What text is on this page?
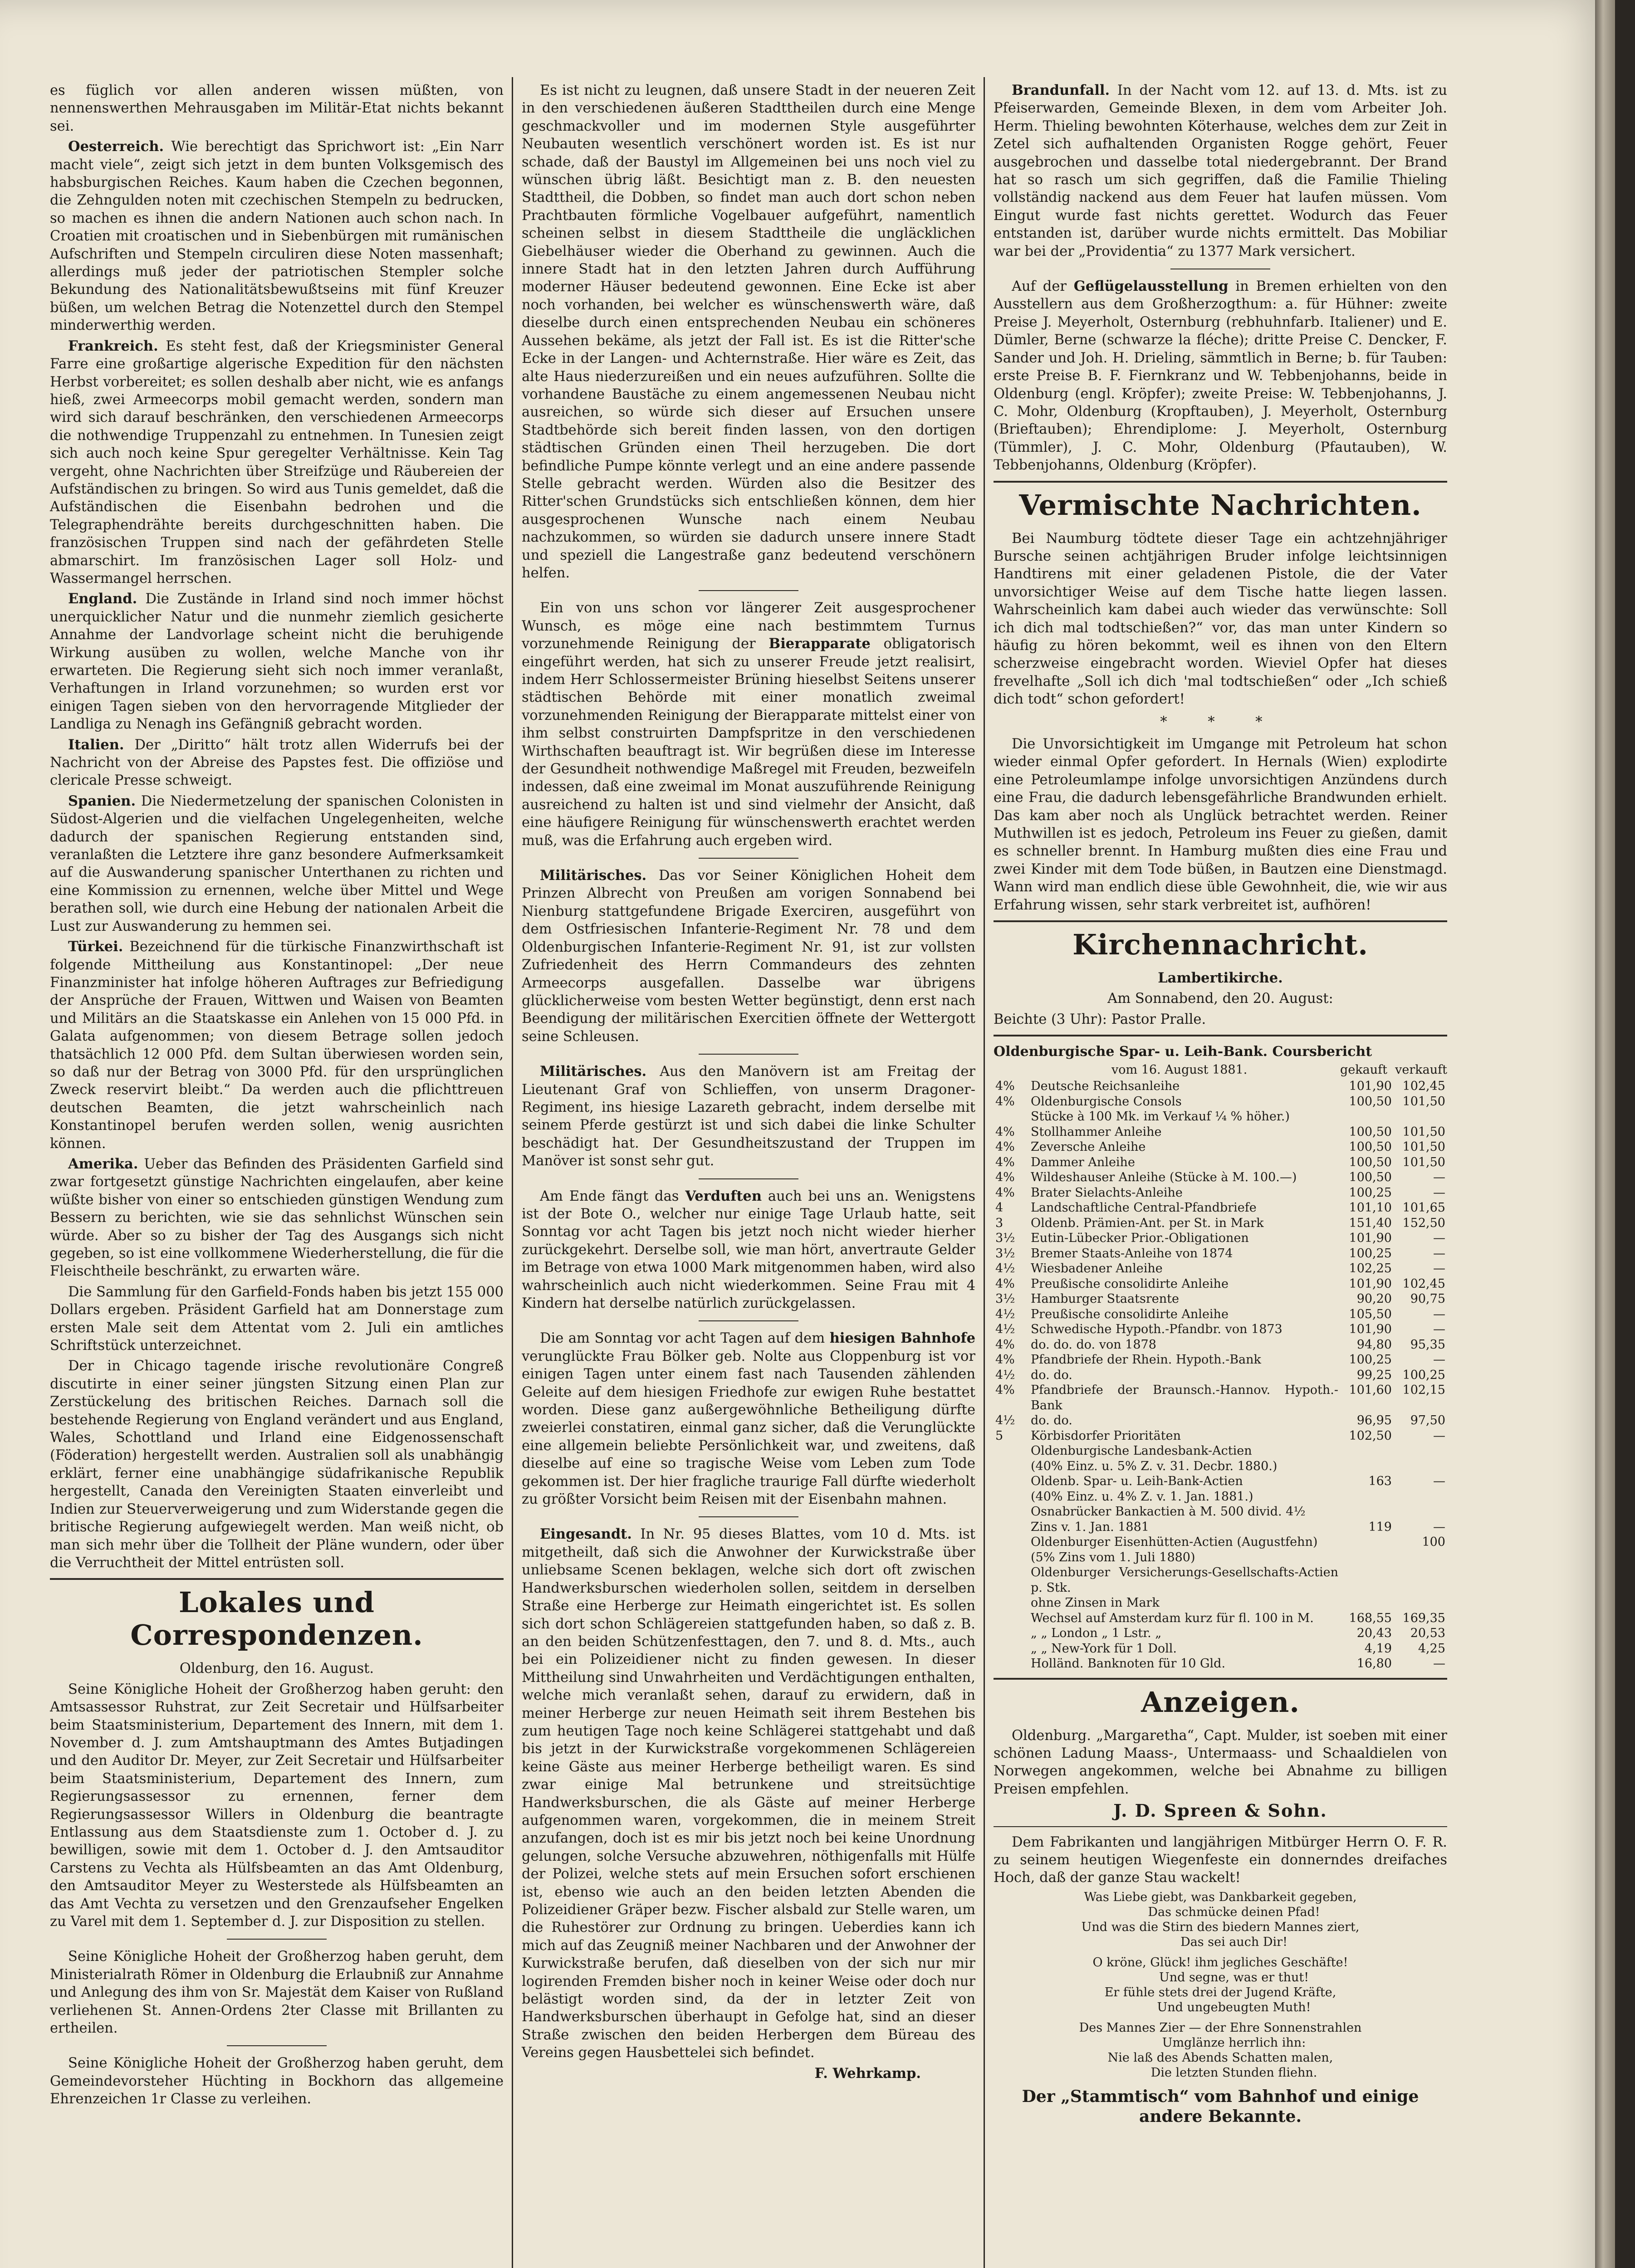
es füglich vor allen anderen wissen müßten, von nennenswerthen Mehrausgaben im Militär-Etat nichts bekannt sei.

Oesterreich. Wie berechtigt das Sprichwort ist: „Ein Narr macht viele“, zeigt sich jetzt in dem bunten Volksgemisch des habsburgischen Reiches. Kaum haben die Czechen begonnen, die Zehngulden noten mit czechischen Stempeln zu bedrucken, so machen es ihnen die andern Nationen auch schon nach. In Croatien mit croatischen und in Siebenbürgen mit rumänischen Aufschriften und Stempeln circuliren diese Noten massenhaft; allerdings muß jeder der patriotischen Stempler solche Bekundung des Nationalitätsbewußtseins mit fünf Kreuzer büßen, um welchen Betrag die Notenzettel durch den Stempel minderwerthig werden.

Frankreich. Es steht fest, daß der Kriegsminister General Farre eine großartige algerische Expedition für den nächsten Herbst vorbereitet; es sollen deshalb aber nicht, wie es anfangs hieß, zwei Armeecorps mobil gemacht werden, sondern man wird sich darauf beschränken, den verschiedenen Armeecorps die nothwendige Truppenzahl zu entnehmen. In Tunesien zeigt sich auch noch keine Spur geregelter Verhältnisse. Kein Tag vergeht, ohne Nachrichten über Streifzüge und Räubereien der Aufständischen zu bringen. So wird aus Tunis gemeldet, daß die Aufständischen die Eisenbahn bedrohen und die Telegraphendrähte bereits durchgeschnitten haben. Die französischen Truppen sind nach der gefährdeten Stelle abmarschirt. Im französischen Lager soll Holz- und Wassermangel herrschen.

England. Die Zustände in Irland sind noch immer höchst unerquicklicher Natur und die nunmehr ziemlich gesicherte Annahme der Landvorlage scheint nicht die beruhigende Wirkung ausüben zu wollen, welche Manche von ihr erwarteten. Die Regierung sieht sich noch immer veranlaßt, Verhaftungen in Irland vorzunehmen; so wurden erst vor einigen Tagen sieben von den hervorragende Mitglieder der Landliga zu Nenagh ins Gefängniß gebracht worden.

Italien. Der „Diritto“ hält trotz allen Widerrufs bei der Nachricht von der Abreise des Papstes fest. Die offiziöse und clericale Presse schweigt.

Spanien. Die Niedermetzelung der spanischen Colonisten in Südost-Algerien und die vielfachen Ungelegenheiten, welche dadurch der spanischen Regierung entstanden sind, veranlaßten die Letztere ihre ganz besondere Aufmerksamkeit auf die Auswanderung spanischer Unterthanen zu richten und eine Kommission zu ernennen, welche über Mittel und Wege berathen soll, wie durch eine Hebung der nationalen Arbeit die Lust zur Auswanderung zu hemmen sei.

Türkei. Bezeichnend für die türkische Finanzwirthschaft ist folgende Mittheilung aus Konstantinopel: „Der neue Finanzminister hat infolge höheren Auftrages zur Befriedigung der Ansprüche der Frauen, Wittwen und Waisen von Beamten und Militärs an die Staatskasse ein Anlehen von 15 000 Pfd. in Galata aufgenommen; von diesem Betrage sollen jedoch thatsächlich 12 000 Pfd. dem Sultan überwiesen worden sein, so daß nur der Betrag von 3000 Pfd. für den ursprünglichen Zweck reservirt bleibt.“ Da werden auch die pflichttreuen deutschen Beamten, die jetzt wahrscheinlich nach Konstantinopel berufen werden sollen, wenig ausrichten können.

Amerika. Ueber das Befinden des Präsidenten Garfield sind zwar fortgesetzt günstige Nachrichten eingelaufen, aber keine wüßte bisher von einer so entschieden günstigen Wendung zum Bessern zu berichten, wie sie das sehnlichst Wünschen sein würde. Aber so zu bisher der Tag des Ausgangs sich nicht gegeben, so ist eine vollkommene Wiederherstellung, die für die Fleischtheile beschränkt, zu erwarten wäre.

Die Sammlung für den Garfield-Fonds haben bis jetzt 155 000 Dollars ergeben. Präsident Garfield hat am Donnerstage zum ersten Male seit dem Attentat vom 2. Juli ein amtliches Schriftstück unterzeichnet.

Der in Chicago tagende irische revolutionäre Congreß discutirte in einer seiner jüngsten Sitzung einen Plan zur Zerstückelung des britischen Reiches. Darnach soll die bestehende Regierung von England verändert und aus England, Wales, Schottland und Irland eine Eidgenossenschaft (Föderation) hergestellt werden. Australien soll als unabhängig erklärt, ferner eine unabhängige südafrikanische Republik hergestellt, Canada den Vereinigten Staaten einverleibt und Indien zur Steuerverweigerung und zum Widerstande gegen die britische Regierung aufgewiegelt werden. Man weiß nicht, ob man sich mehr über die Tollheit der Pläne wundern, oder über die Verruchtheit der Mittel entrüsten soll.

Lokales und Correspondenzen.

Oldenburg, den 16. August.

Seine Königliche Hoheit der Großherzog haben geruht: den Amtsassessor Ruhstrat, zur Zeit Secretair und Hülfsarbeiter beim Staatsministerium, Departement des Innern, mit dem 1. November d. J. zum Amtshauptmann des Amtes Butjadingen und den Auditor Dr. Meyer, zur Zeit Secretair und Hülfsarbeiter beim Staatsministerium, Departement des Innern, zum Regierungsassessor zu ernennen, ferner dem Regierungsassessor Willers in Oldenburg die beantragte Entlassung aus dem Staatsdienste zum 1. October d. J. zu bewilligen, sowie mit dem 1. October d. J. den Amtsauditor Carstens zu Vechta als Hülfsbeamten an das Amt Oldenburg, den Amtsauditor Meyer zu Westerstede als Hülfsbeamten an das Amt Vechta zu versetzen und den Grenzaufseher Engelken zu Varel mit dem 1. September d. J. zur Disposition zu stellen.

Seine Königliche Hoheit der Großherzog haben geruht, dem Ministerialrath Römer in Oldenburg die Erlaubniß zur Annahme und Anlegung des ihm von Sr. Majestät dem Kaiser von Rußland verliehenen St. Annen-Ordens 2ter Classe mit Brillanten zu ertheilen.

Seine Königliche Hoheit der Großherzog haben geruht, dem Gemeindevorsteher Hüchting in Bockhorn das allgemeine Ehrenzeichen 1r Classe zu verleihen.

Es ist nicht zu leugnen, daß unsere Stadt in der neueren Zeit in den verschiedenen äußeren Stadttheilen durch eine Menge geschmackvoller und im modernen Style ausgeführter Neubauten wesentlich verschönert worden ist. Es ist nur schade, daß der Baustyl im Allgemeinen bei uns noch viel zu wünschen übrig läßt. Besichtigt man z. B. den neuesten Stadttheil, die Dobben, so findet man auch dort schon neben Prachtbauten förmliche Vogelbauer aufgeführt, namentlich scheinen selbst in diesem Stadttheile die ungläcklichen Giebelhäuser wieder die Oberhand zu gewinnen. Auch die innere Stadt hat in den letzten Jahren durch Aufführung moderner Häuser bedeutend gewonnen. Eine Ecke ist aber noch vorhanden, bei welcher es wünschenswerth wäre, daß dieselbe durch einen entsprechenden Neubau ein schöneres Aussehen bekäme, als jetzt der Fall ist. Es ist die Ritter'sche Ecke in der Langen- und Achternstraße. Hier wäre es Zeit, das alte Haus niederzureißen und ein neues aufzuführen. Sollte die vorhandene Baustäche zu einem angemessenen Neubau nicht ausreichen, so würde sich dieser auf Ersuchen unsere Stadtbehörde sich bereit finden lassen, von den dortigen städtischen Gründen einen Theil herzugeben. Die dort befindliche Pumpe könnte verlegt und an eine andere passende Stelle gebracht werden. Würden also die Besitzer des Ritter'schen Grundstücks sich entschließen können, dem hier ausgesprochenen Wunsche nach einem Neubau nachzukommen, so würden sie dadurch unsere innere Stadt und speziell die Langestraße ganz bedeutend verschönern helfen.

Ein von uns schon vor längerer Zeit ausgesprochener Wunsch, es möge eine nach bestimmtem Turnus vorzunehmende Reinigung der Bierapparate obligatorisch eingeführt werden, hat sich zu unserer Freude jetzt realisirt, indem Herr Schlossermeister Brüning hieselbst Seitens unserer städtischen Behörde mit einer monatlich zweimal vorzunehmenden Reinigung der Bierapparate mittelst einer von ihm selbst construirten Dampfspritze in den verschiedenen Wirthschaften beauftragt ist. Wir begrüßen diese im Interesse der Gesundheit nothwendige Maßregel mit Freuden, bezweifeln indessen, daß eine zweimal im Monat auszuführende Reinigung ausreichend zu halten ist und sind vielmehr der Ansicht, daß eine häufigere Reinigung für wünschenswerth erachtet werden muß, was die Erfahrung auch ergeben wird.

Militärisches. Das vor Seiner Königlichen Hoheit dem Prinzen Albrecht von Preußen am vorigen Sonnabend bei Nienburg stattgefundene Brigade Exerciren, ausgeführt von dem Ostfriesischen Infanterie-Regiment Nr. 78 und dem Oldenburgischen Infanterie-Regiment Nr. 91, ist zur vollsten Zufriedenheit des Herrn Commandeurs des zehnten Armeecorps ausgefallen. Dasselbe war übrigens glücklicherweise vom besten Wetter begünstigt, denn erst nach Beendigung der militärischen Exercitien öffnete der Wettergott seine Schleusen.

Militärisches. Aus den Manövern ist am Freitag der Lieutenant Graf von Schlieffen, von unserm Dragoner-Regiment, ins hiesige Lazareth gebracht, indem derselbe mit seinem Pferde gestürzt ist und sich dabei die linke Schulter beschädigt hat. Der Gesundheitszustand der Truppen im Manöver ist sonst sehr gut.

Am Ende fängt das Verduften auch bei uns an. Wenigstens ist der Bote O., welcher nur einige Tage Urlaub hatte, seit Sonntag vor acht Tagen bis jetzt noch nicht wieder hierher zurückgekehrt. Derselbe soll, wie man hört, anvertraute Gelder im Betrage von etwa 1000 Mark mitgenommen haben, wird also wahrscheinlich auch nicht wiederkommen. Seine Frau mit 4 Kindern hat derselbe natürlich zurückgelassen.

Die am Sonntag vor acht Tagen auf dem hiesigen Bahnhofe verunglückte Frau Bölker geb. Nolte aus Cloppenburg ist vor einigen Tagen unter einem fast nach Tausenden zählenden Geleite auf dem hiesigen Friedhofe zur ewigen Ruhe bestattet worden. Diese ganz außergewöhnliche Betheiligung dürfte zweierlei constatiren, einmal ganz sicher, daß die Verunglückte eine allgemein beliebte Persönlichkeit war, und zweitens, daß dieselbe auf eine so tragische Weise vom Leben zum Tode gekommen ist. Der hier fragliche traurige Fall dürfte wiederholt zu größter Vorsicht beim Reisen mit der Eisenbahn mahnen.

Eingesandt. In Nr. 95 dieses Blattes, vom 10 d. Mts. ist mitgetheilt, daß sich die Anwohner der Kurwickstraße über unliebsame Scenen beklagen, welche sich dort oft zwischen Handwerksburschen wiederholen sollen, seitdem in derselben Straße eine Herberge zur Heimath eingerichtet ist. Es sollen sich dort schon Schlägereien stattgefunden haben, so daß z. B. an den beiden Schützenfesttagen, den 7. und 8. d. Mts., auch bei ein Polizeidiener nicht zu finden gewesen. In dieser Mittheilung sind Unwahrheiten und Verdächtigungen enthalten, welche mich veranlaßt sehen, darauf zu erwidern, daß in meiner Herberge zur neuen Heimath seit ihrem Bestehen bis zum heutigen Tage noch keine Schlägerei stattgehabt und daß bis jetzt in der Kurwickstraße vorgekommenen Schlägereien keine Gäste aus meiner Herberge betheiligt waren. Es sind zwar einige Mal betrunkene und streitsüchtige Handwerksburschen, die als Gäste auf meiner Herberge aufgenommen waren, vorgekommen, die in meinem Streit anzufangen, doch ist es mir bis jetzt noch bei keine Unordnung gelungen, solche Versuche abzuwehren, nöthigenfalls mit Hülfe der Polizei, welche stets auf mein Ersuchen sofort erschienen ist, ebenso wie auch an den beiden letzten Abenden die Polizeidiener Gräper bezw. Fischer alsbald zur Stelle waren, um die Ruhestörer zur Ordnung zu bringen. Ueberdies kann ich mich auf das Zeugniß meiner Nachbaren und der Anwohner der Kurwickstraße berufen, daß dieselben von der sich nur mir logirenden Fremden bisher noch in keiner Weise oder doch nur belästigt worden sind, da der in letzter Zeit von Handwerksburschen überhaupt in Gefolge hat, sind an dieser Straße zwischen den beiden Herbergen dem Büreau des Vereins gegen Hausbettelei sich befindet.

F. Wehrkamp.

Brandunfall. In der Nacht vom 12. auf 13. d. Mts. ist zu Pfeiserwarden, Gemeinde Blexen, in dem vom Arbeiter Joh. Herm. Thieling bewohnten Köterhause, welches dem zur Zeit in Zetel sich aufhaltenden Organisten Rogge gehört, Feuer ausgebrochen und dasselbe total niedergebrannt. Der Brand hat so rasch um sich gegriffen, daß die Familie Thieling vollständig nackend aus dem Feuer hat laufen müssen. Vom Eingut wurde fast nichts gerettet. Wodurch das Feuer entstanden ist, darüber wurde nichts ermittelt. Das Mobiliar war bei der „Providentia“ zu 1377 Mark versichert.

Auf der Geflügelausstellung in Bremen erhielten von den Ausstellern aus dem Großherzogthum: a. für Hühner: zweite Preise J. Meyerholt, Osternburg (rebhuhnfarb. Italiener) und E. Dümler, Berne (schwarze la fléche); dritte Preise C. Dencker, F. Sander und Joh. H. Drieling, sämmtlich in Berne; b. für Tauben: erste Preise B. F. Fiernkranz und W. Tebbenjohanns, beide in Oldenburg (engl. Kröpfer); zweite Preise: W. Tebbenjohanns, J. C. Mohr, Oldenburg (Kropftauben), J. Meyerholt, Osternburg (Brieftauben); Ehrendiplome: J. Meyerholt, Osternburg (Tümmler), J. C. Mohr, Oldenburg (Pfautauben), W. Tebbenjohanns, Oldenburg (Kröpfer).

Vermischte Nachrichten.

Bei Naumburg tödtete dieser Tage ein achtzehnjähriger Bursche seinen achtjährigen Bruder infolge leichtsinnigen Handtirens mit einer geladenen Pistole, die der Vater unvorsichtiger Weise auf dem Tische hatte liegen lassen. Wahrscheinlich kam dabei auch wieder das verwünschte: Soll ich dich mal todtschießen?“ vor, das man unter Kindern so häufig zu hören bekommt, weil es ihnen von den Eltern scherzweise eingebracht worden. Wieviel Opfer hat dieses frevelhafte „Soll ich dich 'mal todtschießen“ oder „Ich schieß dich todt“ schon gefordert!

* * *

Die Unvorsichtigkeit im Umgange mit Petroleum hat schon wieder einmal Opfer gefordert. In Hernals (Wien) explodirte eine Petroleumlampe infolge unvorsichtigen Anzündens durch eine Frau, die dadurch lebensgefährliche Brandwunden erhielt. Das kam aber noch als Unglück betrachtet werden. Reiner Muthwillen ist es jedoch, Petroleum ins Feuer zu gießen, damit es schneller brennt. In Hamburg mußten dies eine Frau und zwei Kinder mit dem Tode büßen, in Bautzen eine Dienstmagd. Wann wird man endlich diese üble Gewohnheit, die, wie wir aus Erfahrung wissen, sehr stark verbreitet ist, aufhören!

Kirchennachricht.

Lambertikirche.

Am Sonnabend, den 20. August:

Beichte (3 Uhr): Pastor Pralle.

Oldenburgische Spar- u. Leih-Bank. Coursbericht
vom 16. August 1881.	gekauft verkauft
4%	Deutsche Reichsanleihe	101,90	102,45
4%	Oldenburgische Consols	100,50	101,50
	Stücke à 100 Mk. im Verkauf ¼ % höher.)		
4%	Stollhammer Anleihe	100,50	101,50
4%	Zeversche Anleihe	100,50	101,50
4%	Dammer Anleihe	100,50	101,50
4%	Wildeshauser Anleihe (Stücke à M. 100.—)	100,50	—
4%	Brater Sielachts-Anleihe	100,25	—
4	Landschaftliche Central-Pfandbriefe	101,10	101,65
3	Oldenb. Prämien-Ant. per St. in Mark	151,40	152,50
3½	Eutin-Lübecker Prior.-Obligationen	101,90	—
3½	Bremer Staats-Anleihe von 1874	100,25	—
4½	Wiesbadener Anleihe	102,25	—
4%	Preußische consolidirte Anleihe	101,90	102,45
3½	Hamburger Staatsrente	90,20	90,75
4½	Preußische consolidirte Anleihe	105,50	—
4½	Schwedische Hypoth.-Pfandbr. von 1873	101,90	—
4%	do. do. do. von 1878	94,80	95,35
4%	Pfandbriefe der Rhein. Hypoth.-Bank	100,25	—
4½	do. do.	99,25	100,25
4%	Pfandbriefe der Braunsch.-Hannov. Hypoth.-Bank	101,60	102,15
4½	do. do.	96,95	97,50
5	Körbisdorfer Prioritäten	102,50	—
	Oldenburgische Landesbank-Actien		
	(40% Einz. u. 5% Z. v. 31. Decbr. 1880.)		
	Oldenb. Spar- u. Leih-Bank-Actien	163	—
	(40% Einz. u. 4% Z. v. 1. Jan. 1881.)		
	Osnabrücker Bankactien à M. 500 divid. 4½		
	Zins v. 1. Jan. 1881	119	—
	Oldenburger Eisenhütten-Actien (Augustfehn)		100
	(5% Zins vom 1. Juli 1880)		
	Oldenburger Versicherungs-Gesellschafts-Actien p. Stk.		
	ohne Zinsen in Mark		
	Wechsel auf Amsterdam kurz für fl. 100 in M.	168,55	169,35
	„ „ London „ 1 Lstr. „	20,43	20,53
	„ „ New-York für 1 Doll.	4,19	4,25
	Holländ. Banknoten für 10 Gld.	16,80	—
Anzeigen.

Oldenburg. „Margaretha“, Capt. Mulder, ist soeben mit einer schönen Ladung Maass-, Untermaass- und Schaaldielen von Norwegen angekommen, welche bei Abnahme zu billigen Preisen empfehlen.

J. D. Spreen & Sohn.

Dem Fabrikanten und langjährigen Mitbürger Herrn O. F. R. zu seinem heutigen Wiegenfeste ein donnerndes dreifaches Hoch, daß der ganze Stau wackelt!

Was Liebe giebt, was Dankbarkeit gegeben,
Das schmücke deinen Pfad!
Und was die Stirn des biedern Mannes ziert,
Das sei auch Dir!
O kröne, Glück! ihm jegliches Geschäfte!
Und segne, was er thut!
Er fühle stets drei der Jugend Kräfte,
Und ungebeugten Muth!
Des Mannes Zier — der Ehre Sonnenstrahlen
Umglänze herrlich ihn:
Nie laß des Abends Schatten malen,
Die letzten Stunden fliehn.
Der „Stammtisch“ vom Bahnhof und einige andere Bekannte.
